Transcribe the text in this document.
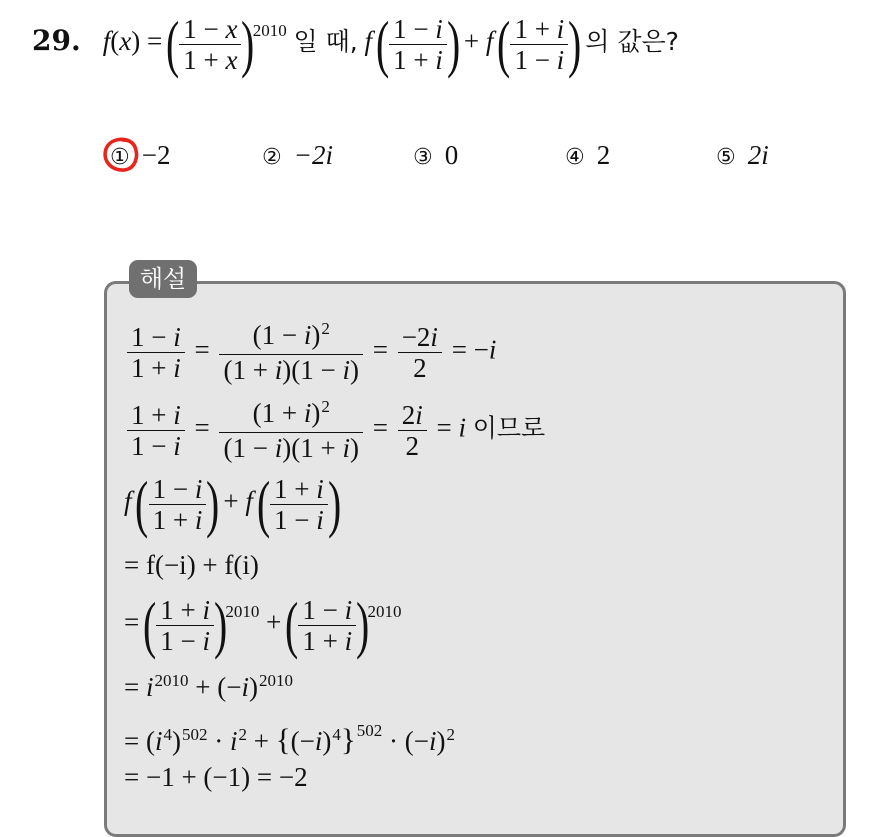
29. f(x) = ( $\frac{1 - x}{1 + x} )^{2010}$ 일 때, f ( $\frac{1 - i}{1 + i}$ ) + f ( $\frac{1 + i}{1 - i}$ ) 의 값은?
① −2	② −2i	③ 0	④ 2	⑤ 2i
해설
$\frac{1 - i}{1 + i} = \frac{(1 - i)^2}{(1 + i)(1 - i)} = \frac{-2i}{2} = -i$
$\frac{1 + i}{1 - i} = \frac{(1 + i)^2}{(1 - i)(1 + i)} = \frac{2i}{2} = i$ 이므로
f ( $\frac{1 - i}{1 + i}$ ) + f ( $\frac{1 + i}{1 - i}$ )
= f(−i) + f(i)
= ( $\frac{1 + i}{1 - i} )^{2010}$ + ( $\frac{1 - i}{1 + i} )^{2010}$
= $i^{2010} + (-i)^{2010}$
= $(i^4)^{502} \cdot i^2 + \{(-i)^4\}^{502} \cdot (-i)^2$
= −1 + (−1) = −2
